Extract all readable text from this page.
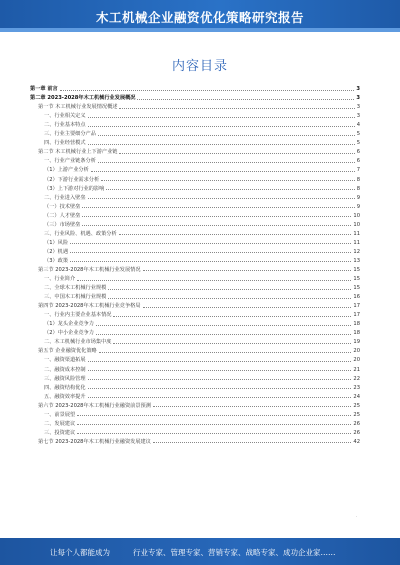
木工机械企业融资优化策略研究报告
内容目录
第一章 前言	3
第二章 2023-2028年木工机械行业发展概况	3
第一节 木工机械行业发展情况概述	3
一、行业相关定义	3
二、行业基本特点	4
三、行业主要细分产品	5
四、行业经营模式	5
第二节 木工机械行业上下游产业链	6
一、行业产业链条分析	6
（1）上游产业分析	7
（2）下游行业需求分析	8
（3）上下游对行业的影响	8
二、行业进入壁垒	9
（一）技术壁垒	9
（二）人才壁垒	10
（三）市场壁垒	10
三、行业风险、机遇、政策分析	11
（1）风险	11
（2）机遇	12
（3）政策	13
第三节 2023-2028年木工机械行业发展情况	15
一、行业简介	15
二、全球木工机械行业规模	15
三、中国木工机械行业规模	16
第四节 2023-2028年木工机械行业竞争格局	17
一、行业内主要企业基本情况	17
（1）龙头企业竞争力	18
（2）中小企业竞争力	18
二、木工机械行业市场集中度	19
第五节 企业融资优化策略	20
一、融资渠道拓展	20
二、融资成本控制	21
三、融资风险管理	22
四、融资结构优化	23
五、融资效率提升	24
第六节 2023-2028年木工机械行业融资前景预测	25
一、前景展望	25
二、发展建议	26
三、投资建议	26
第七节 2023-2028年木工机械行业融资发展建议	42
·
让每个人都能成为	行业专家、管理专家、营销专家、战略专家、成功企业家……
